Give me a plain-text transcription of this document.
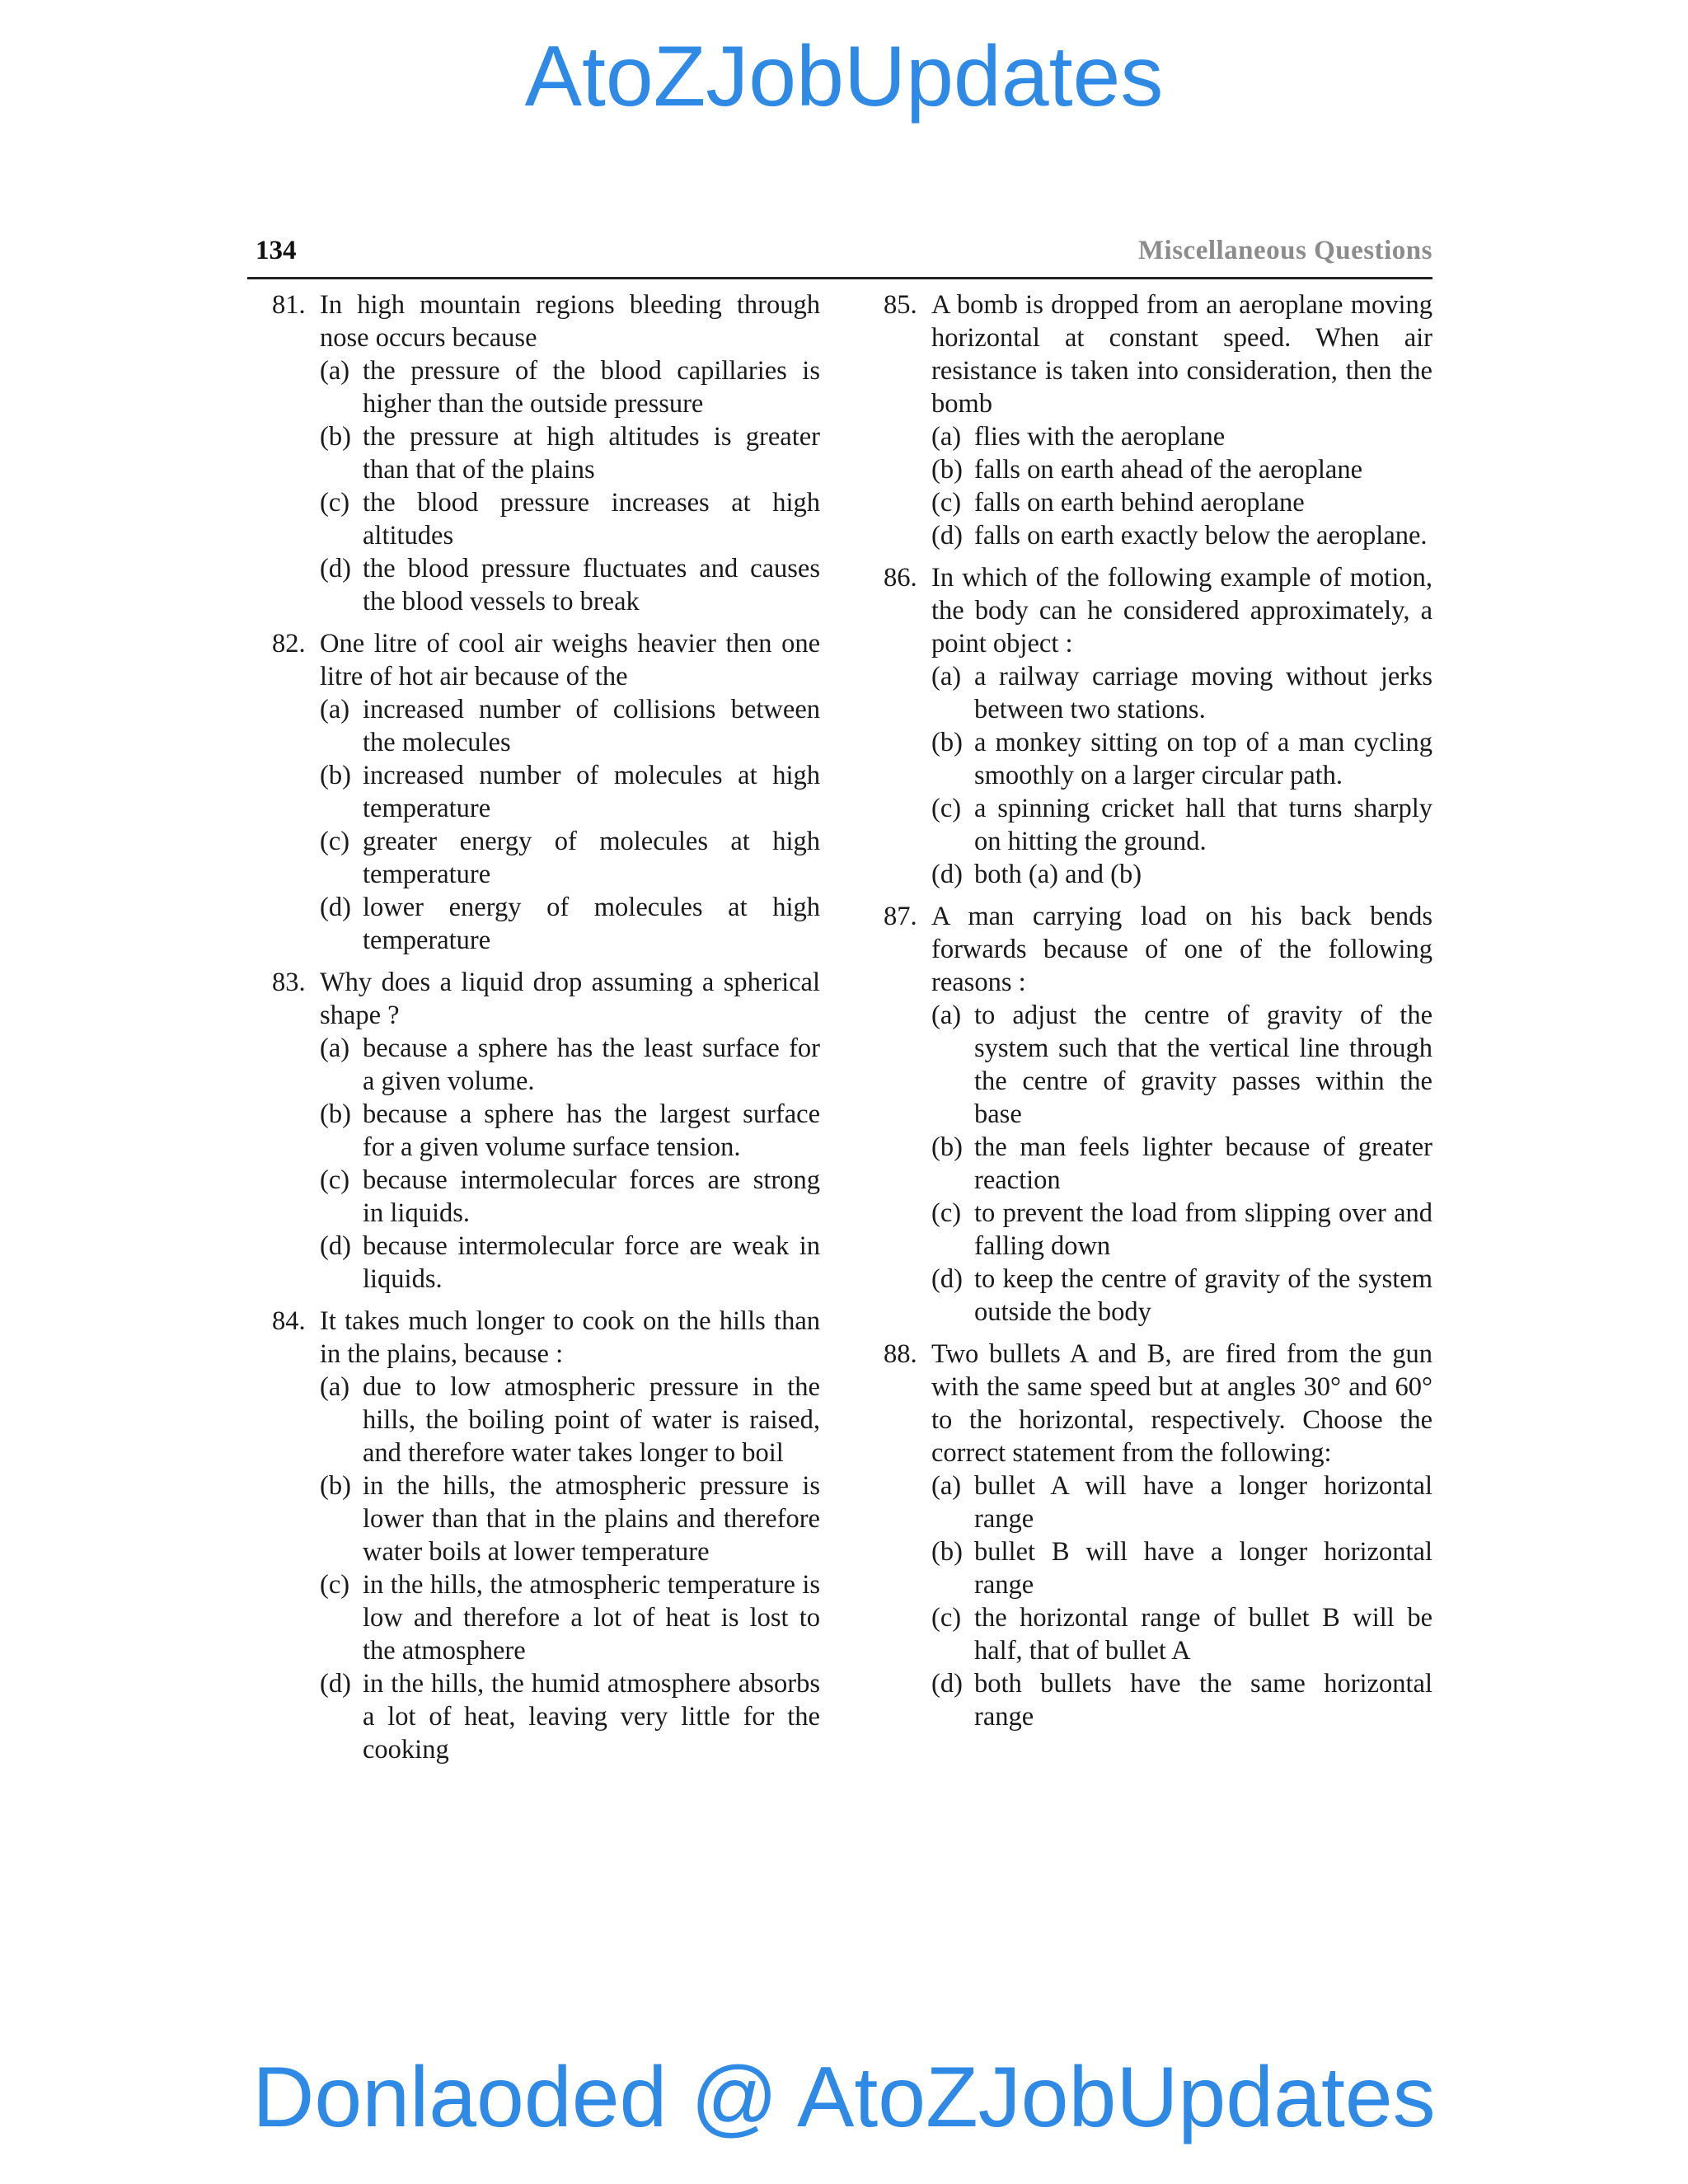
AtoZJobUpdates
134	Miscellaneous Questions
81. In high mountain regions bleeding through nose occurs because
(a) the pressure of the blood capillaries is higher than the outside pressure
(b) the pressure at high altitudes is greater than that of the plains
(c) the blood pressure increases at high altitudes
(d) the blood pressure fluctuates and causes the blood vessels to break
82. One litre of cool air weighs heavier then one litre of hot air because of the
(a) increased number of collisions between the molecules
(b) increased number of molecules at high temperature
(c) greater energy of molecules at high temperature
(d) lower energy of molecules at high temperature
83. Why does a liquid drop assuming a spherical shape ?
(a) because a sphere has the least surface for a given volume.
(b) because a sphere has the largest surface for a given volume surface tension.
(c) because intermolecular forces are strong in liquids.
(d) because intermolecular force are weak in liquids.
84. It takes much longer to cook on the hills than in the plains, because :
(a) due to low atmospheric pressure in the hills, the boiling point of water is raised, and therefore water takes longer to boil
(b) in the hills, the atmospheric pressure is lower than that in the plains and therefore water boils at lower temperature
(c) in the hills, the atmospheric temperature is low and therefore a lot of heat is lost to the atmosphere
(d) in the hills, the humid atmosphere absorbs a lot of heat, leaving very little for the cooking
85. A bomb is dropped from an aeroplane moving horizontal at constant speed. When air resistance is taken into consideration, then the bomb
(a) flies with the aeroplane
(b) falls on earth ahead of the aeroplane
(c) falls on earth behind aeroplane
(d) falls on earth exactly below the aeroplane.
86. In which of the following example of motion, the body can he considered approximately, a point object :
(a) a railway carriage moving without jerks between two stations.
(b) a monkey sitting on top of a man cycling smoothly on a larger circular path.
(c) a spinning cricket hall that turns sharply on hitting the ground.
(d) both (a) and (b)
87. A man carrying load on his back bends forwards because of one of the following reasons :
(a) to adjust the centre of gravity of the system such that the vertical line through the centre of gravity passes within the base
(b) the man feels lighter because of greater reaction
(c) to prevent the load from slipping over and falling down
(d) to keep the centre of gravity of the system outside the body
88. Two bullets A and B, are fired from the gun with the same speed but at angles 30° and 60° to the horizontal, respectively. Choose the correct statement from the following:
(a) bullet A will have a longer horizontal range
(b) bullet B will have a longer horizontal range
(c) the horizontal range of bullet B will be half, that of bullet A
(d) both bullets have the same horizontal range
Donlaoded @ AtoZJobUpdates
